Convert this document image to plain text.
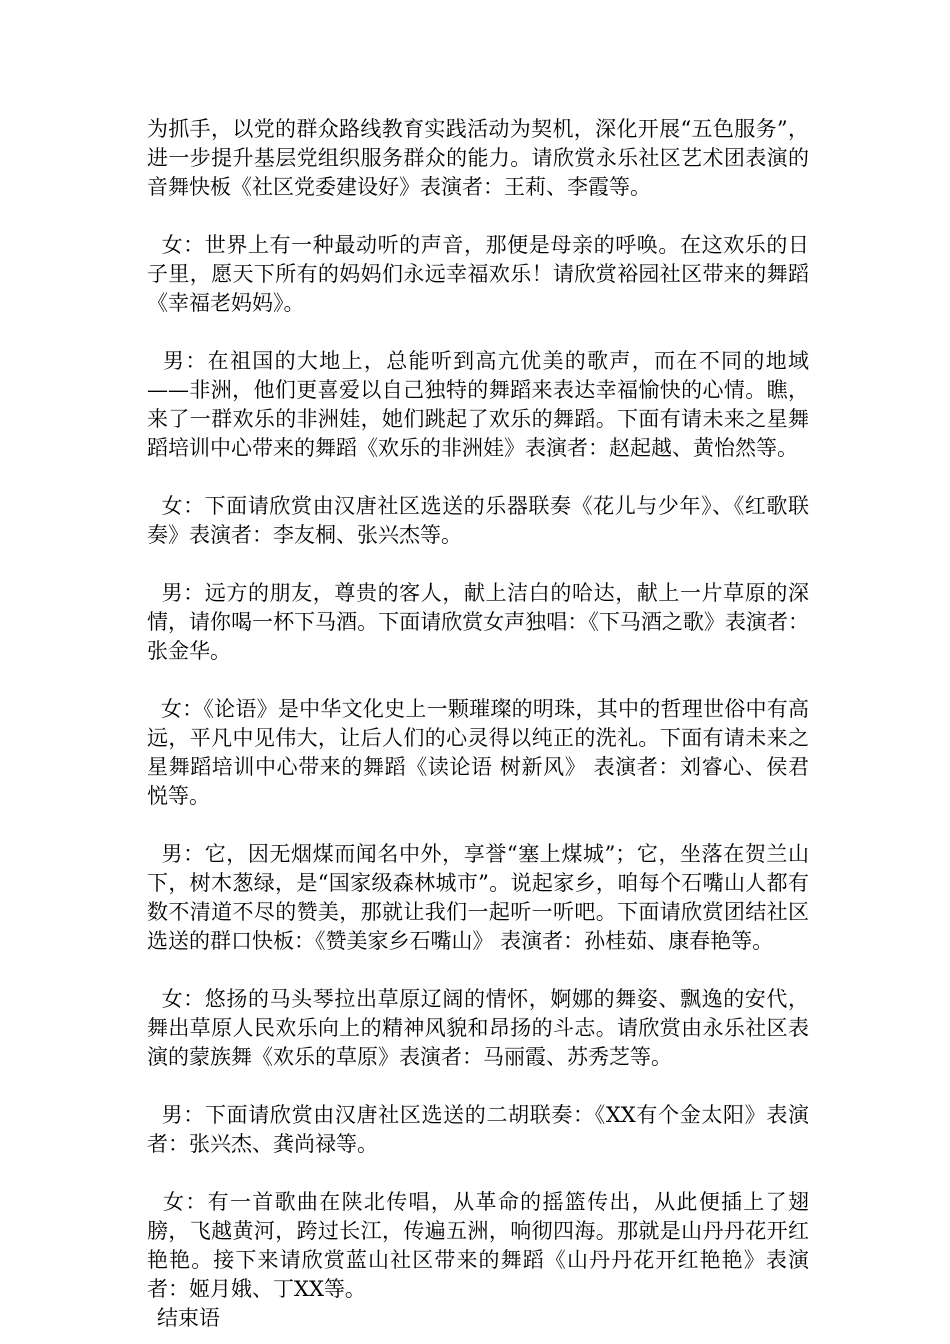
为抓手，以党的群众路线教育实践活动为契机，深化开展“五色服务”，进一步提升基层党组织服务群众的能力。请欣赏永乐社区艺术团表演的音舞快板《社区党委建设好》表演者：王莉、李霞等。

女：世界上有一种最动听的声音，那便是母亲的呼唤。在这欢乐的日子里，愿天下所有的妈妈们永远幸福欢乐！请欣赏裕园社区带来的舞蹈《幸福老妈妈》。

男：在祖国的大地上，总能听到高亢优美的歌声，而在不同的地域——非洲，他们更喜爱以自己独特的舞蹈来表达幸福愉快的心情。瞧，来了一群欢乐的非洲娃，她们跳起了欢乐的舞蹈。下面有请未来之星舞蹈培训中心带来的舞蹈《欢乐的非洲娃》表演者：赵起越、黄怡然等。

女：下面请欣赏由汉唐社区选送的乐器联奏《花儿与少年》、《红歌联奏》表演者：李友桐、张兴杰等。

男：远方的朋友，尊贵的客人，献上洁白的哈达，献上一片草原的深情，请你喝一杯下马酒。下面请欣赏女声独唱：《下马酒之歌》表演者：张金华。

女：《论语》是中华文化史上一颗璀璨的明珠，其中的哲理世俗中有高远，平凡中见伟大，让后人们的心灵得以纯正的洗礼。下面有请未来之星舞蹈培训中心带来的舞蹈《读论语 树新风》 表演者：刘睿心、侯君悦等。

男：它，因无烟煤而闻名中外，享誉“塞上煤城”；它，坐落在贺兰山下，树木葱绿，是“国家级森林城市”。说起家乡，咱每个石嘴山人都有数不清道不尽的赞美，那就让我们一起听一听吧。下面请欣赏团结社区选送的群口快板：《赞美家乡石嘴山》 表演者：孙桂茹、康春艳等。

女：悠扬的马头琴拉出草原辽阔的情怀，婀娜的舞姿、飘逸的安代，舞出草原人民欢乐向上的精神风貌和昂扬的斗志。请欣赏由永乐社区表演的蒙族舞《欢乐的草原》表演者：马丽霞、苏秀芝等。

男：下面请欣赏由汉唐社区选送的二胡联奏：《XX有个金太阳》表演者：张兴杰、龚尚禄等。

女：有一首歌曲在陕北传唱，从革命的摇篮传出，从此便插上了翅膀，飞越黄河，跨过长江，传遍五洲，响彻四海。那就是山丹丹花开红艳艳。接下来请欣赏蓝山社区带来的舞蹈《山丹丹花开红艳艳》表演者：姬月娥、丁XX等。

结束语
